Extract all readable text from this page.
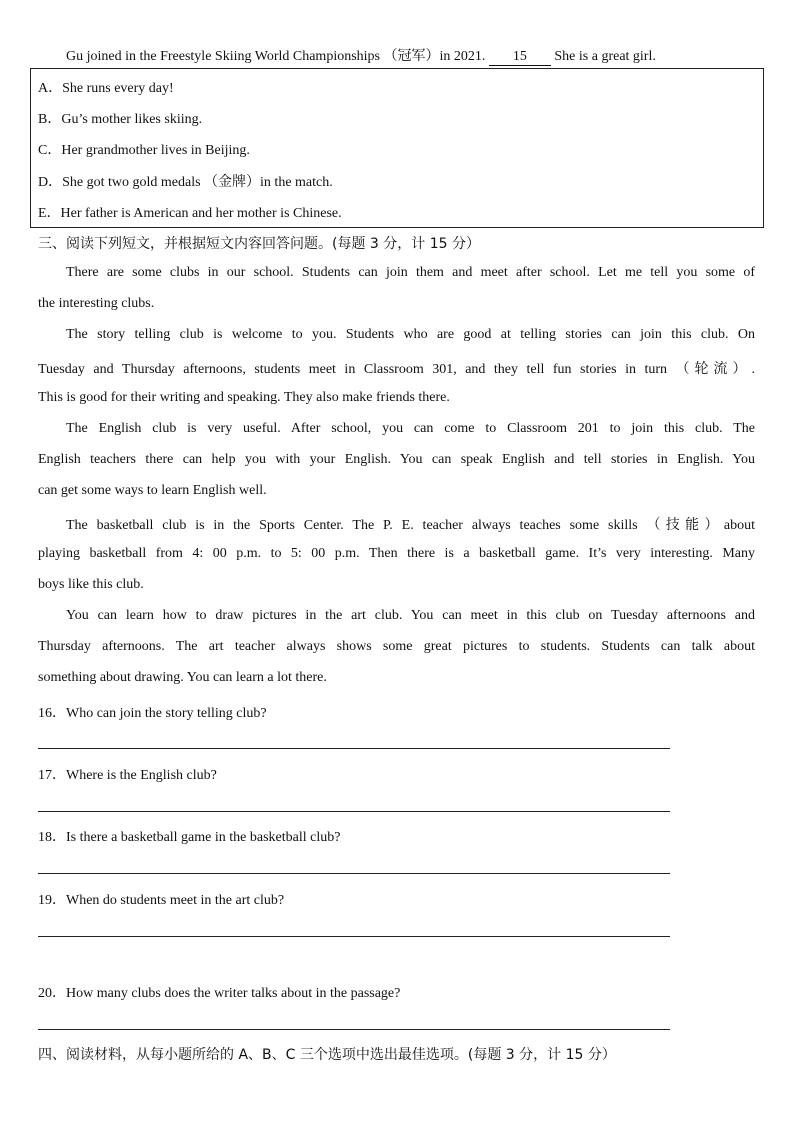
Gu joined in the Freestyle Skiing World Championships （冠军）in 2021. 15 She is a great girl.
A．She runs every day!
B．Gu’s mother likes skiing.
C．Her grandmother lives in Beijing.
D．She got two gold medals （金牌）in the match.
E．Her father is American and her mother is Chinese.
三、阅读下列短文，并根据短文内容回答问题。(每题 3 分，计 15 分）
There are some clubs in our school. Students can join them and meet after school. Let me tell you some of
the interesting clubs.
The story telling club is welcome to you. Students who are good at telling stories can join this club. On
Tuesday and Thursday afternoons, students meet in Classroom 301, and they tell fun stories in turn （轮流）.
This is good for their writing and speaking. They also make friends there.
The English club is very useful. After school, you can come to Classroom 201 to join this club. The
English teachers there can help you with your English. You can speak English and tell stories in English. You
can get some ways to learn English well.
The basketball club is in the Sports Center. The P. E. teacher always teaches some skills （技能）about
playing basketball from 4: 00 p.m. to 5: 00 p.m. Then there is a basketball game. It’s very interesting. Many
boys like this club.
You can learn how to draw pictures in the art club. You can meet in this club on Tuesday afternoons and
Thursday afternoons. The art teacher always shows some great pictures to students. Students can talk about
something about drawing. You can learn a lot there.
16．Who can join the story telling club?
17．Where is the English club?
18．Is there a basketball game in the basketball club?
19．When do students meet in the art club?
20．How many clubs does the writer talks about in the passage?
四、阅读材料，从每小题所给的 A、B、C 三个选项中选出最佳选项。(每题 3 分，计 15 分）
